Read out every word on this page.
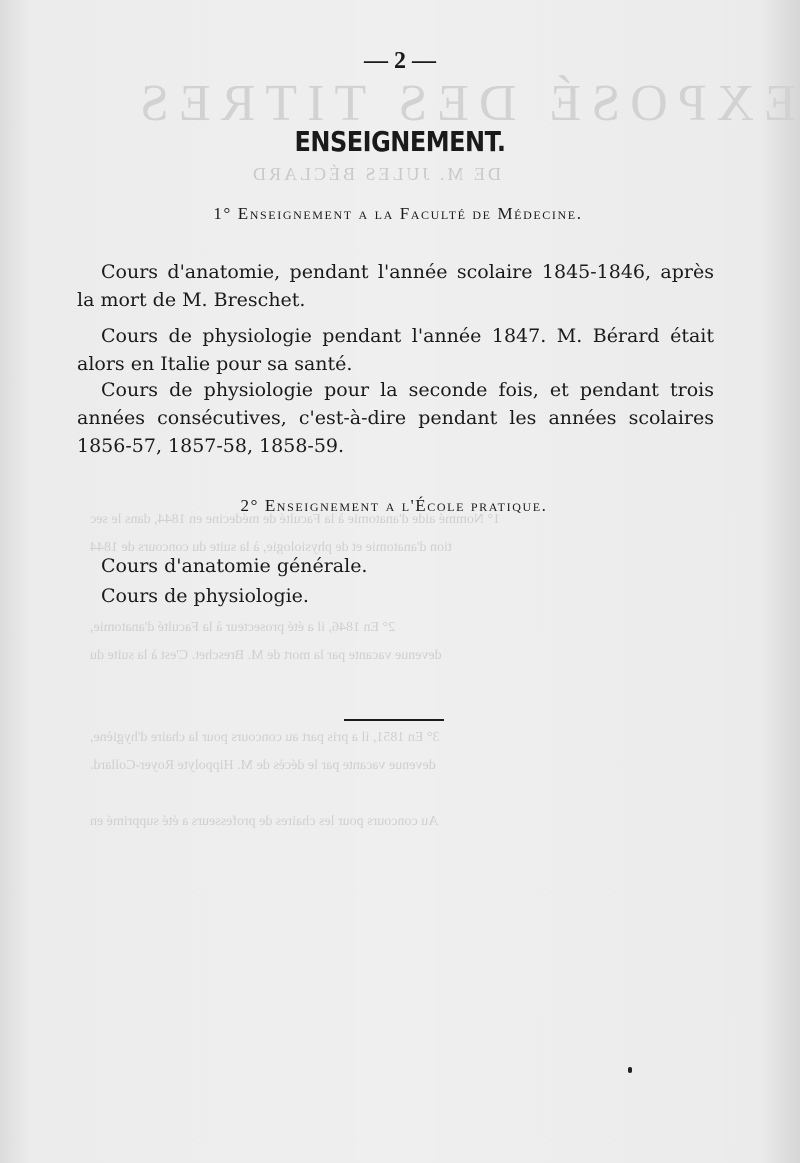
EXPOSÉ DES TITRES
DE M. JULES BÉCLARD
1° Nommé aide d'anatomie à la Faculté de médecine en 1844, dans le sec
tion d'anatomie et de physiologie, à la suite du concours de 1844
2° En 1846, il a été prosecteur à la Faculté d'anatomie,
devenue vacante par la mort de M. Breschet. C'est à la suite du
3° En 1851, il a pris part au concours pour la chaire d'hygiène,
devenue vacante par le décès de M. Hippolyte Royer-Collard.
Au concours pour les chaires de professeurs a été supprimé en
— 2 —
ENSEIGNEMENT.
1° Enseignement a la Faculté de Médecine.

Cours d'anatomie, pendant l'année scolaire 1845-1846, après la mort de M. Breschet.

Cours de physiologie pendant l'année 1847. M. Bérard était alors en Italie pour sa santé.

Cours de physiologie pour la seconde fois, et pendant trois années consécutives, c'est-à-dire pendant les années scolaires 1856-57, 1857-58, 1858-59.

2° Enseignement a l'École pratique.

Cours d'anatomie générale.

Cours de physiologie.
